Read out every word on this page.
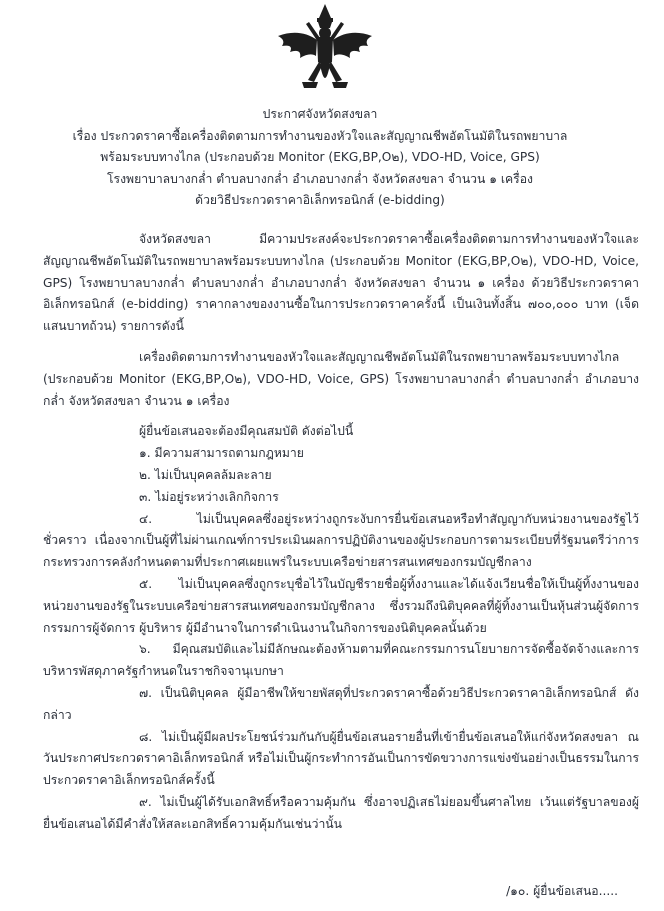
ประกาศจังหวัดสงขลา
เรื่อง ประกวดราคาซื้อเครื่องติดตามการทำงานของหัวใจและสัญญาณชีพอัตโนมัติในรถพยาบาล
พร้อมระบบทางไกล (ประกอบด้วย Monitor (EKG,BP,O๒), VDO-HD, Voice, GPS)
โรงพยาบาลบางกล่ำ ตำบลบางกล่ำ อำเภอบางกล่ำ จังหวัดสงขลา จำนวน ๑ เครื่อง
ด้วยวิธีประกวดราคาอิเล็กทรอนิกส์ (e-bidding)

จังหวัดสงขลา มีความประสงค์จะประกวดราคาซื้อเครื่องติดตามการทำงานของหัวใจและสัญญาณชีพอัตโนมัติในรถพยาบาลพร้อมระบบทางไกล (ประกอบด้วย Monitor (EKG,BP,O๒), VDO-HD, Voice, GPS) โรงพยาบาลบางกล่ำ ตำบลบางกล่ำ อำเภอบางกล่ำ จังหวัดสงขลา จำนวน ๑ เครื่อง ด้วยวิธีประกวดราคาอิเล็กทรอนิกส์ (e-bidding) ราคากลางของงานซื้อในการประกวดราคาครั้งนี้ เป็นเงินทั้งสิ้น ๗๐๐,๐๐๐ บาท (เจ็ดแสนบาทถ้วน) รายการดังนี้

เครื่องติดตามการทำงานของหัวใจและสัญญาณชีพอัตโนมัติในรถพยาบาลพร้อมระบบทางไกล (ประกอบด้วย Monitor (EKG,BP,O๒), VDO-HD, Voice, GPS) โรงพยาบาลบางกล่ำ ตำบลบางกล่ำ อำเภอบางกล่ำ จังหวัดสงขลา จำนวน ๑ เครื่อง

ผู้ยื่นข้อเสนอจะต้องมีคุณสมบัติ ดังต่อไปนี้

๑. มีความสามารถตามกฎหมาย

๒. ไม่เป็นบุคคลล้มละลาย

๓. ไม่อยู่ระหว่างเลิกกิจการ

๔. ไม่เป็นบุคคลซึ่งอยู่ระหว่างถูกระงับการยื่นข้อเสนอหรือทำสัญญากับหน่วยงานของรัฐไว้ชั่วคราว เนื่องจากเป็นผู้ที่ไม่ผ่านเกณฑ์การประเมินผลการปฏิบัติงานของผู้ประกอบการตามระเบียบที่รัฐมนตรีว่าการกระทรวงการคลังกำหนดตามที่ประกาศเผยแพร่ในระบบเครือข่ายสารสนเทศของกรมบัญชีกลาง

๕. ไม่เป็นบุคคลซึ่งถูกระบุชื่อไว้ในบัญชีรายชื่อผู้ทิ้งงานและได้แจ้งเวียนชื่อให้เป็นผู้ทิ้งงานของหน่วยงานของรัฐในระบบเครือข่ายสารสนเทศของกรมบัญชีกลาง ซึ่งรวมถึงนิติบุคคลที่ผู้ทิ้งงานเป็นหุ้นส่วนผู้จัดการ กรรมการผู้จัดการ ผู้บริหาร ผู้มีอำนาจในการดำเนินงานในกิจการของนิติบุคคลนั้นด้วย

๖. มีคุณสมบัติและไม่มีลักษณะต้องห้ามตามที่คณะกรรมการนโยบายการจัดซื้อจัดจ้างและการบริหารพัสดุภาครัฐกำหนดในราชกิจจานุเบกษา

๗. เป็นนิติบุคคล ผู้มีอาชีพให้ขายพัสดุที่ประกวดราคาซื้อด้วยวิธีประกวดราคาอิเล็กทรอนิกส์ ดังกล่าว

๘. ไม่เป็นผู้มีผลประโยชน์ร่วมกันกับผู้ยื่นข้อเสนอรายอื่นที่เข้ายื่นข้อเสนอให้แก่จังหวัดสงขลา ณ วันประกาศประกวดราคาอิเล็กทรอนิกส์ หรือไม่เป็นผู้กระทำการอันเป็นการขัดขวางการแข่งขันอย่างเป็นธรรมในการประกวดราคาอิเล็กทรอนิกส์ครั้งนี้

๙. ไม่เป็นผู้ได้รับเอกสิทธิ์หรือความคุ้มกัน ซึ่งอาจปฏิเสธไม่ยอมขึ้นศาลไทย เว้นแต่รัฐบาลของผู้ยื่นข้อเสนอได้มีคำสั่งให้สละเอกสิทธิ์ความคุ้มกันเช่นว่านั้น

/๑๐. ผู้ยื่นข้อเสนอ.....
